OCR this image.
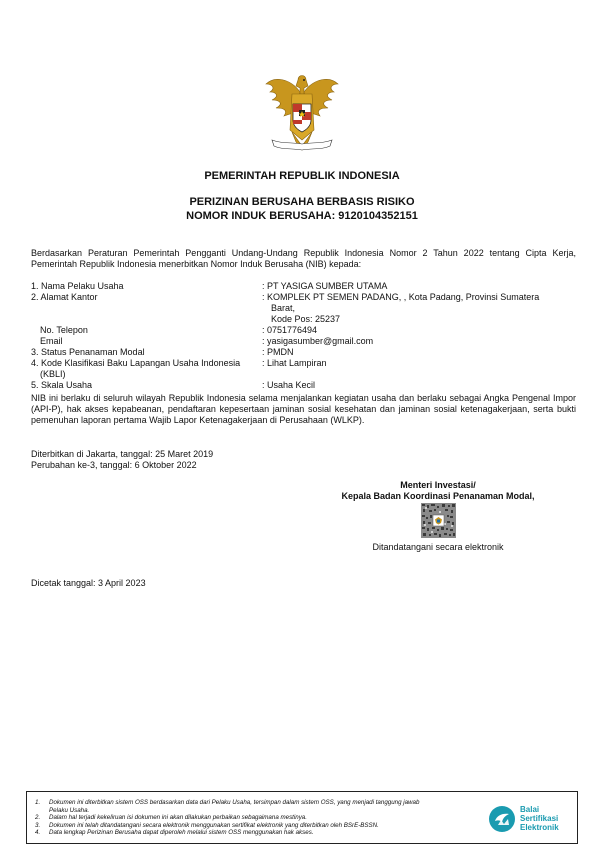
PEMERINTAH REPUBLIK INDONESIA
PERIZINAN BERUSAHA BERBASIS RISIKO
NOMOR INDUK BERUSAHA: 9120104352151
Berdasarkan Peraturan Pemerintah Pengganti Undang-Undang Republik Indonesia Nomor 2 Tahun 2022 tentang Cipta Kerja, Pemerintah Republik Indonesia menerbitkan Nomor Induk Berusaha (NIB) kepada:
1. Nama Pelaku Usaha	: PT YASIGA SUMBER UTAMA
2. Alamat Kantor	: KOMPLEK PT SEMEN PADANG, , Kota Padang, Provinsi Sumatera
Barat,
Kode Pos: 25237
No. Telepon	: 0751776494
Email	: yasigasumber@gmail.com
3. Status Penanaman Modal	: PMDN
4. Kode Klasifikasi Baku Lapangan Usaha Indonesia : Lihat Lampiran
(KBLI)
5. Skala Usaha	: Usaha Kecil
NIB ini berlaku di seluruh wilayah Republik Indonesia selama menjalankan kegiatan usaha dan berlaku sebagai Angka Pengenal Impor (API-P), hak akses kepabeanan, pendaftaran kepesertaan jaminan sosial kesehatan dan jaminan sosial ketenagakerjaan, serta bukti pemenuhan laporan pertama Wajib Lapor Ketenagakerjaan di Perusahaan (WLKP).
Diterbitkan di Jakarta, tanggal: 25 Maret 2019
Perubahan ke-3, tanggal: 6 Oktober 2022
Menteri Investasi/
Kepala Badan Koordinasi Penanaman Modal,
Ditandatangani secara elektronik
Dicetak tanggal: 3 April 2023
1. Dokumen ini diterbitkan sistem OSS berdasarkan data dari Pelaku Usaha, tersimpan dalam sistem OSS, yang menjadi tanggung jawab
Pelaku Usaha.
2. Dalam hal terjadi kekeliruan isi dokumen ini akan dilakukan perbaikan sebagaimana mestinya.
3. Dokumen ini telah ditandatangani secara elektronik menggunakan sertifikat elektronik yang diterbitkan oleh BSrE-BSSN.
4. Data lengkap Perizinan Berusaha dapat diperoleh melalui sistem OSS menggunakan hak akses.
Balai
Sertifikasi
Elektronik
